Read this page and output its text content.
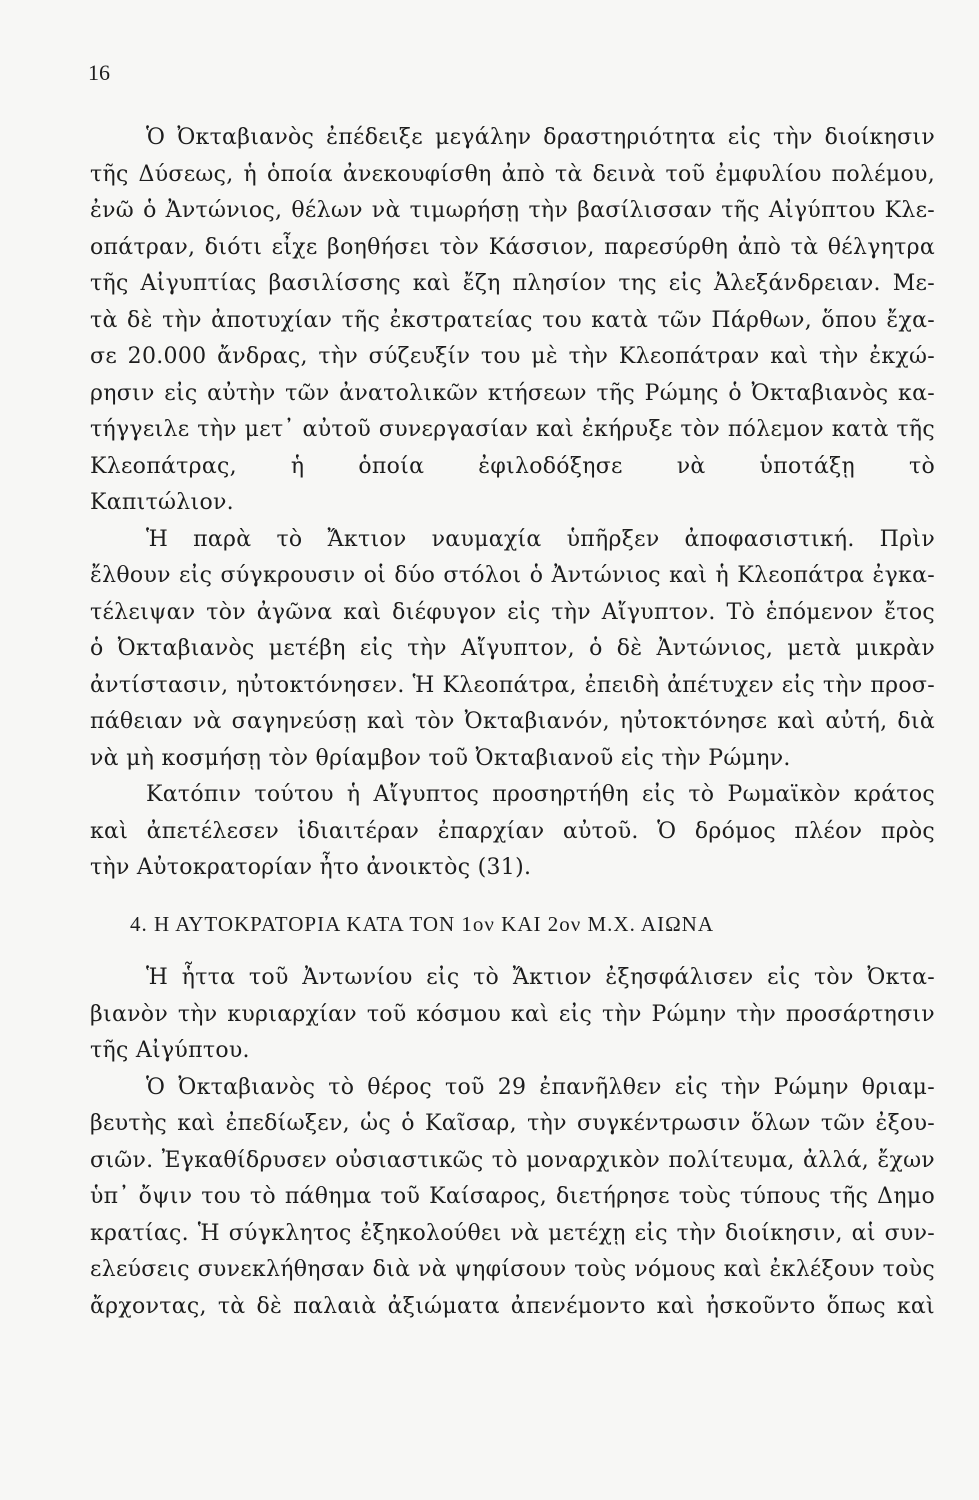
16
Ὁ Ὀκταβιανὸς ἐπέδειξε μεγάλην δραστηριότητα εἰς τὴν διοίκησιν
τῆς Δύσεως, ἡ ὁποία ἀνεκουφίσθη ἀπὸ τὰ δεινὰ τοῦ ἐμφυλίου πολέμου,
ἐνῶ ὁ Ἀντώνιος, θέλων νὰ τιμωρήσῃ τὴν βασίλισσαν τῆς Αἰγύπτου Κλε-
οπάτραν, διότι εἶχε βοηθήσει τὸν Κάσσιον, παρεσύρθη ἀπὸ τὰ θέλγητρα
τῆς Αἰγυπτίας βασιλίσσης καὶ ἔζη πλησίον της εἰς Ἀλεξάνδρειαν. Με-
τὰ δὲ τὴν ἀποτυχίαν τῆς ἐκστρατείας του κατὰ τῶν Πάρθων, ὅπου ἔχα-
σε 20.000 ἄνδρας, τὴν σύζευξίν του μὲ τὴν Κλεοπάτραν καὶ τὴν ἐκχώ-
ρησιν εἰς αὐτὴν τῶν ἀνατολικῶν κτήσεων τῆς Ρώμης ὁ Ὀκταβιανὸς κα-
τήγγειλε τὴν μετ᾽ αὐτοῦ συνεργασίαν καὶ ἐκήρυξε τὸν πόλεμον κατὰ τῆς
Κλεοπάτρας, ἡ ὁποία ἐφιλοδόξησε νὰ ὑποτάξῃ τὸ
Καπιτώλιον.
Ἡ παρὰ τὸ Ἄκτιον ναυμαχία ὑπῆρξεν ἀποφασιστική. Πρὶν
ἔλθουν εἰς σύγκρουσιν οἱ δύο στόλοι ὁ Ἀντώνιος καὶ ἡ Κλεοπάτρα ἐγκα-
τέλειψαν τὸν ἀγῶνα καὶ διέφυγον εἰς τὴν Αἴγυπτον. Τὸ ἑπόμενον ἔτος
ὁ Ὀκταβιανὸς μετέβη εἰς τὴν Αἴγυπτον, ὁ δὲ Ἀντώνιος, μετὰ μικρὰν
ἀντίστασιν, ηὐτοκτόνησεν. Ἡ Κλεοπάτρα, ἐπειδὴ ἀπέτυχεν εἰς τὴν προσ-
πάθειαν νὰ σαγηνεύσῃ καὶ τὸν Ὀκταβιανόν, ηὐτοκτόνησε καὶ αὐτή, διὰ
νὰ μὴ κοσμήσῃ τὸν θρίαμβον τοῦ Ὀκταβιανοῦ εἰς τὴν Ρώμην.
Κατόπιν τούτου ἡ Αἴγυπτος προσηρτήθη εἰς τὸ Ρωμαϊκὸν κράτος
καὶ ἀπετέλεσεν ἰδιαιτέραν ἐπαρχίαν αὐτοῦ. Ὁ δρόμος πλέον πρὸς
τὴν Αὐτοκρατορίαν ἦτο ἀνοικτὸς (31).
4. Η ΑΥΤΟΚΡΑΤΟΡΙΑ ΚΑΤΑ ΤΟΝ 1ον ΚΑΙ 2ον Μ.Χ. ΑΙΩΝΑ
Ἡ ἧττα τοῦ Ἀντωνίου εἰς τὸ Ἄκτιον ἐξησφάλισεν εἰς τὸν Ὀκτα-
βιανὸν τὴν κυριαρχίαν τοῦ κόσμου καὶ εἰς τὴν Ρώμην τὴν προσάρτησιν
τῆς Αἰγύπτου.
Ὁ Ὀκταβιανὸς τὸ θέρος τοῦ 29 ἐπανῆλθεν εἰς τὴν Ρώμην θριαμ-
βευτὴς καὶ ἐπεδίωξεν, ὡς ὁ Καῖσαρ, τὴν συγκέντρωσιν ὅλων τῶν ἐξου-
σιῶν. Ἐγκαθίδρυσεν οὐσιαστικῶς τὸ μοναρχικὸν πολίτευμα, ἀλλά, ἔχων
ὑπ᾽ ὄψιν του τὸ πάθημα τοῦ Καίσαρος, διετήρησε τοὺς τύπους τῆς Δημο
κρατίας. Ἡ σύγκλητος ἐξηκολούθει νὰ μετέχῃ εἰς τὴν διοίκησιν, αἱ συν-
ελεύσεις συνεκλήθησαν διὰ νὰ ψηφίσουν τοὺς νόμους καὶ ἐκλέξουν τοὺς
ἄρχοντας, τὰ δὲ παλαιὰ ἀξιώματα ἀπενέμοντο καὶ ἠσκοῦντο ὅπως καὶ
